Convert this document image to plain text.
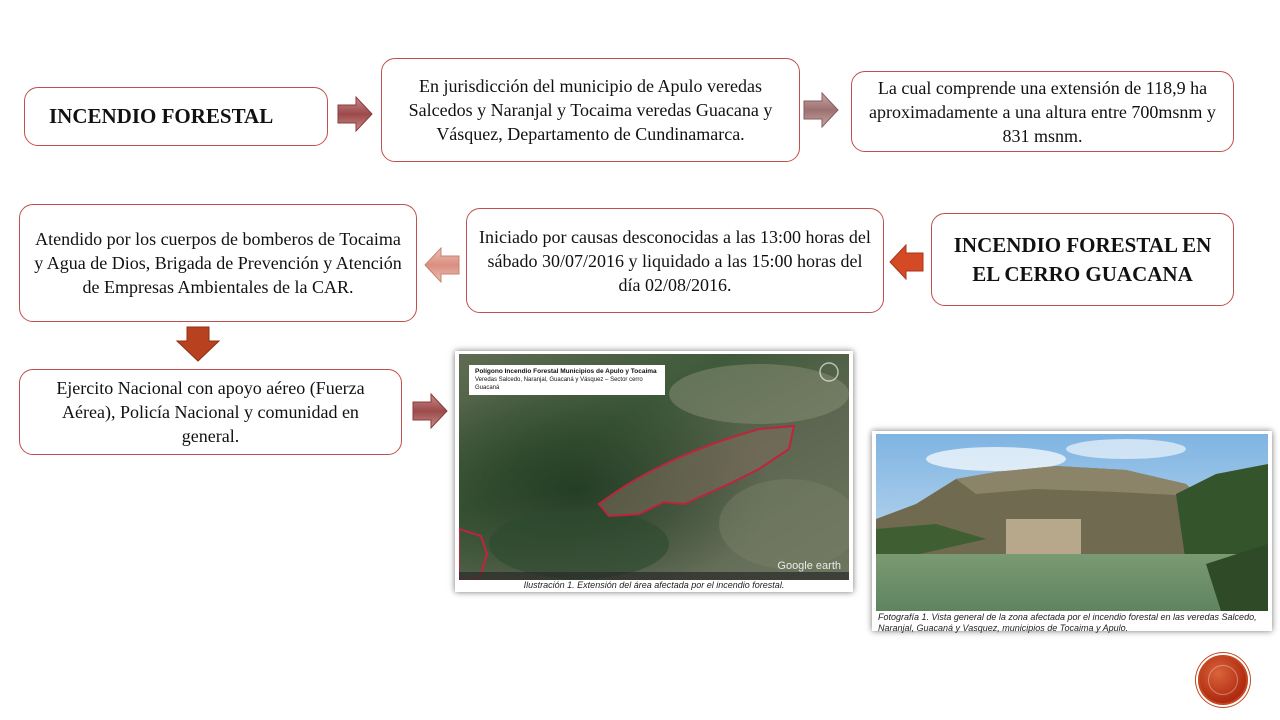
INCENDIO FORESTAL
En jurisdicción del municipio de Apulo veredas Salcedos y Naranjal y Tocaima veredas Guacana y Vásquez, Departamento de Cundinamarca.
La cual comprende una extensión de 118,9 ha aproximadamente a una altura entre 700msnm y 831 msnm.
Atendido por los cuerpos de bomberos de Tocaima y Agua de Dios, Brigada de Prevención y Atención de Empresas Ambientales de la CAR.
Iniciado por causas desconocidas a las 13:00 horas del sábado 30/07/2016 y liquidado a las 15:00 horas del día 02/08/2016.
INCENDIO FORESTAL EN EL CERRO GUACANA
Ejercito Nacional con apoyo aéreo (Fuerza Aérea), Policía Nacional y comunidad en general.
Polígono Incendio Forestal Municipios de Apulo y Tocaima
Veredas Salcedo, Naranjal, Guacaná y Vásquez – Sector cerro Guacaná
Google earth
Ilustración 1. Extensión del área afectada por el incendio forestal.
Fotografía 1. Vista general de la zona afectada por el incendio forestal en las veredas Salcedo, Naranjal, Guacaná y Vasquez, municipios de Tocaima y Apulo.
